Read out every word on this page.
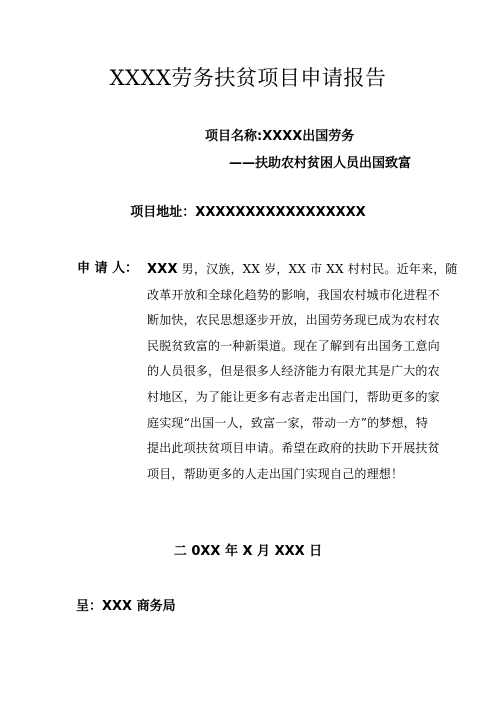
XXXX劳务扶贫项目申请报告
项目名称:XXXX出国劳务
——扶助农村贫困人员出国致富
项目地址：XXXXXXXXXXXXXXXXX
申 请 人： XXX 男，汉族，XX 岁，XX 市 XX 村村民。近年来，随
改革开放和全球化趋势的影响，我国农村城市化进程不
断加快，农民思想逐步开放，出国劳务现已成为农村农
民脱贫致富的一种新渠道。现在了解到有出国务工意向
的人员很多，但是很多人经济能力有限尤其是广大的农
村地区，为了能让更多有志者走出国门，帮助更多的家
庭实现“出国一人，致富一家，带动一方”的梦想，特
提出此项扶贫项目申请。希望在政府的扶助下开展扶贫
项目，帮助更多的人走出国门实现自己的理想！
二 0XX 年 X 月 XXX 日
呈：XXX 商务局
